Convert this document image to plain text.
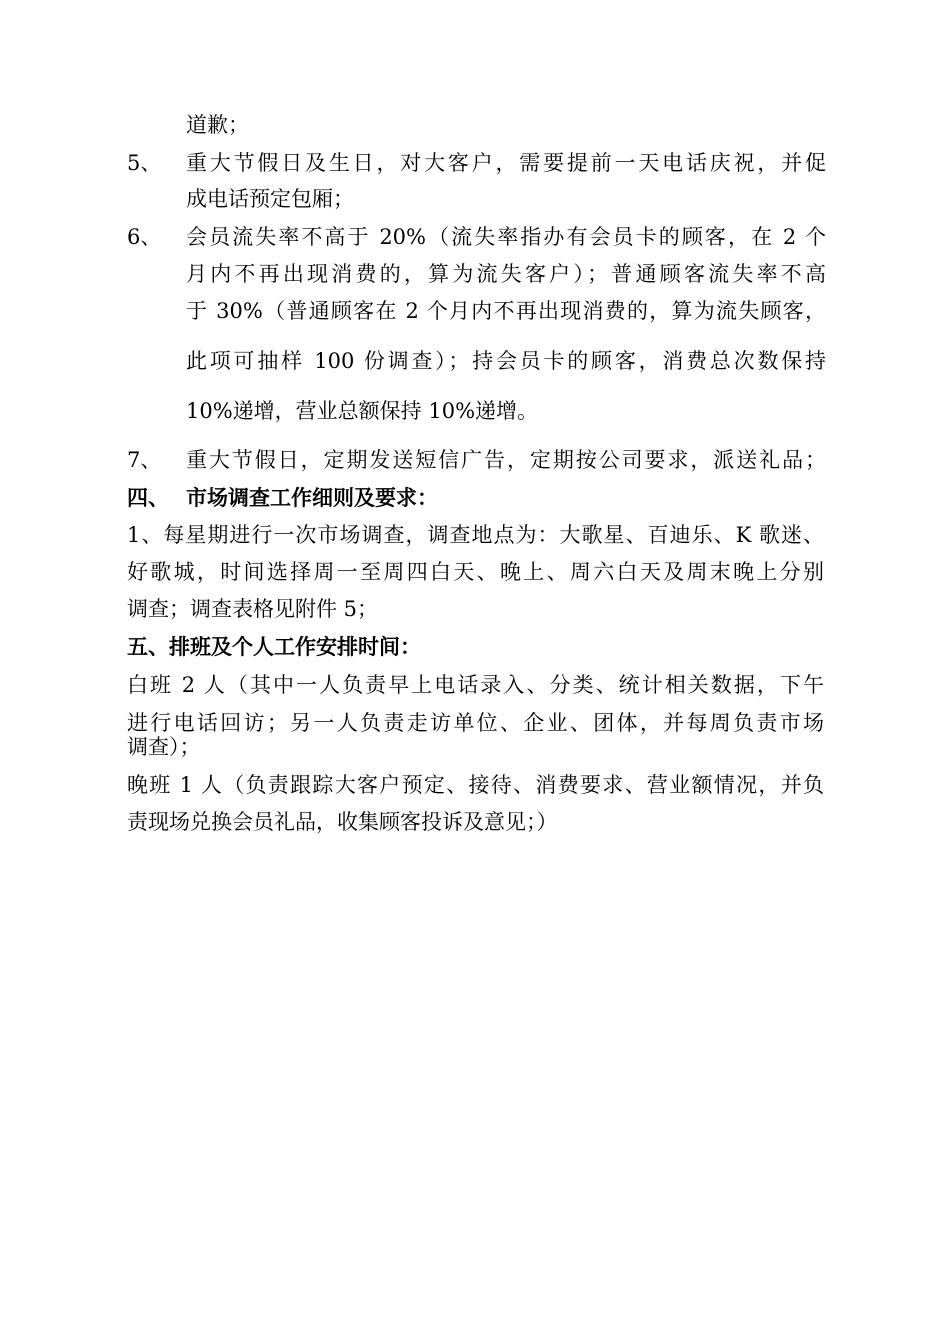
道歉；
5、 重大节假日及生日，对大客户，需要提前一天电话庆祝，并促
成电话预定包厢；
6、 会员流失率不高于 20%（流失率指办有会员卡的顾客，在 2 个
月内不再出现消费的，算为流失客户）；普通顾客流失率不高
于 30%（普通顾客在 2 个月内不再出现消费的，算为流失顾客，
此项可抽样 100 份调查）；持会员卡的顾客，消费总次数保持
10%递增，营业总额保持 10%递增。
7、 重大节假日，定期发送短信广告，定期按公司要求，派送礼品；
四、 市场调查工作细则及要求：
1、每星期进行一次市场调查，调查地点为：大歌星、百迪乐、K 歌迷、
好歌城，时间选择周一至周四白天、晚上、周六白天及周末晚上分别
调查；调查表格见附件 5；
五、排班及个人工作安排时间：
白班 2 人（其中一人负责早上电话录入、分类、统计相关数据，下午
进行电话回访；另一人负责走访单位、企业、团体，并每周负责市场
调查）；
晚班 1 人（负责跟踪大客户预定、接待、消费要求、营业额情况，并负
责现场兑换会员礼品，收集顾客投诉及意见；）
